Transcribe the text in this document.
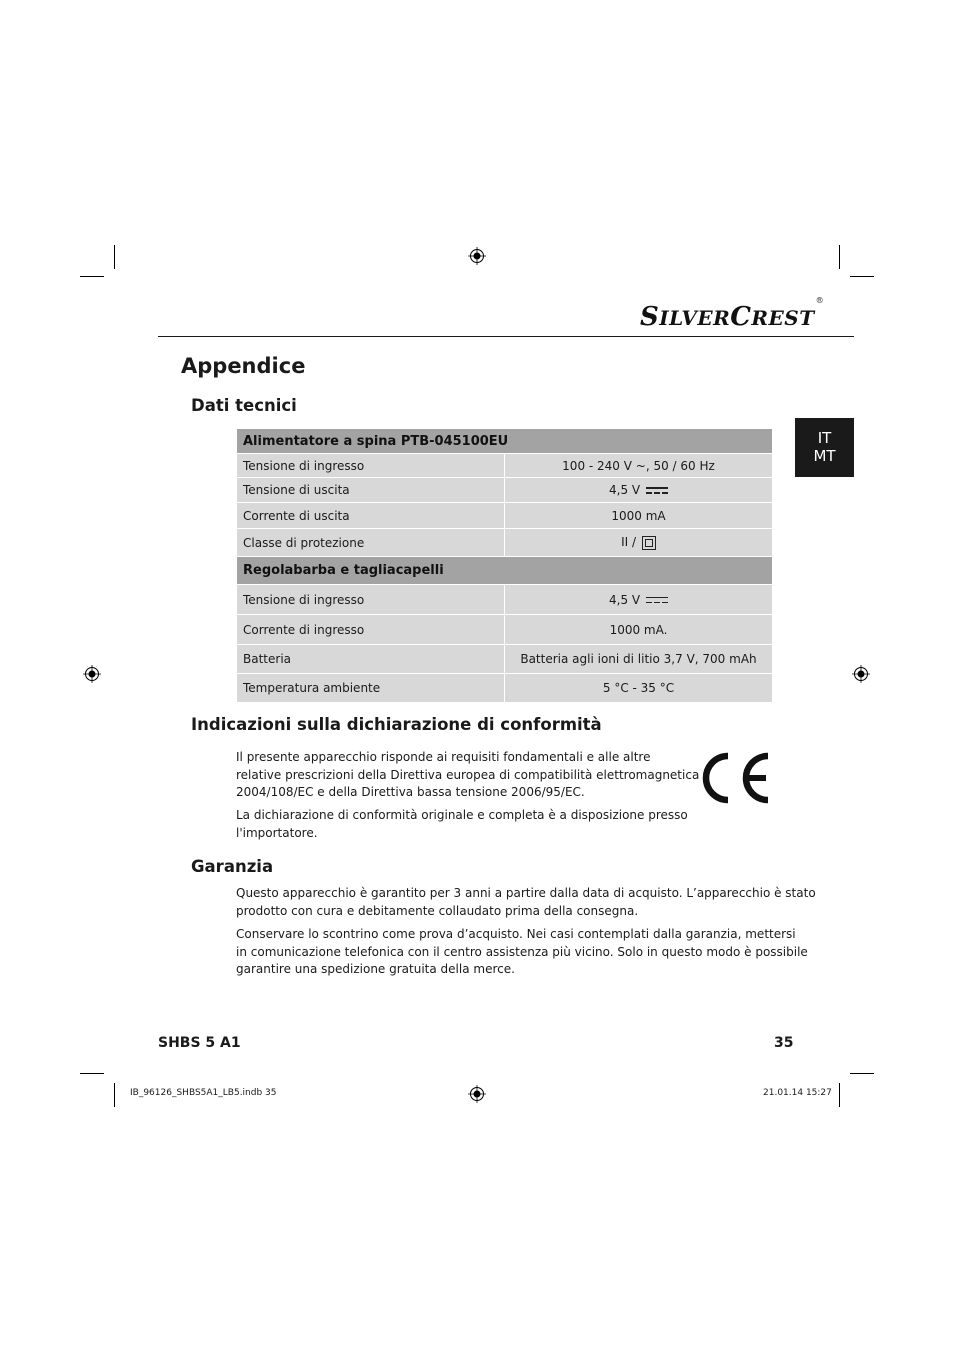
SILVERCREST®
Appendice
IT
MT
Dati tecnici
Alimentatore a spina PTB-045100EU	
Tensione di ingresso	100 - 240 V ~, 50 / 60 Hz
Tensione di uscita	4,5 V
Corrente di uscita	1000 mA
Classe di protezione	II /
Regolabarba e tagliacapelli	
Tensione di ingresso	4,5 V
Corrente di ingresso	1000 mA.
Batteria	Batteria agli ioni di litio 3,7 V, 700 mAh
Temperatura ambiente	5 °C - 35 °C
Indicazioni sulla dichiarazione di conformità

Il presente apparecchio risponde ai requisiti fondamentali e alle altre
relative prescrizioni della Direttiva europea di compatibilità elettromagnetica
2004/108/EC e della Direttiva bassa tensione 2006/95/EC.

La dichiarazione di conformità originale e completa è a disposizione presso
l'importatore.

Garanzia

Questo apparecchio è garantito per 3 anni a partire dalla data di acquisto. L’apparecchio è stato
prodotto con cura e debitamente collaudato prima della consegna.

Conservare lo scontrino come prova d’acquisto. Nei casi contemplati dalla garanzia, mettersi
in comunicazione telefonica con il centro assistenza più vicino. Solo in questo modo è possibile
garantire una spedizione gratuita della merce.

SHBS 5 A1	35
IB_96126_SHBS5A1_LB5.indb 35	21.01.14 15:27
